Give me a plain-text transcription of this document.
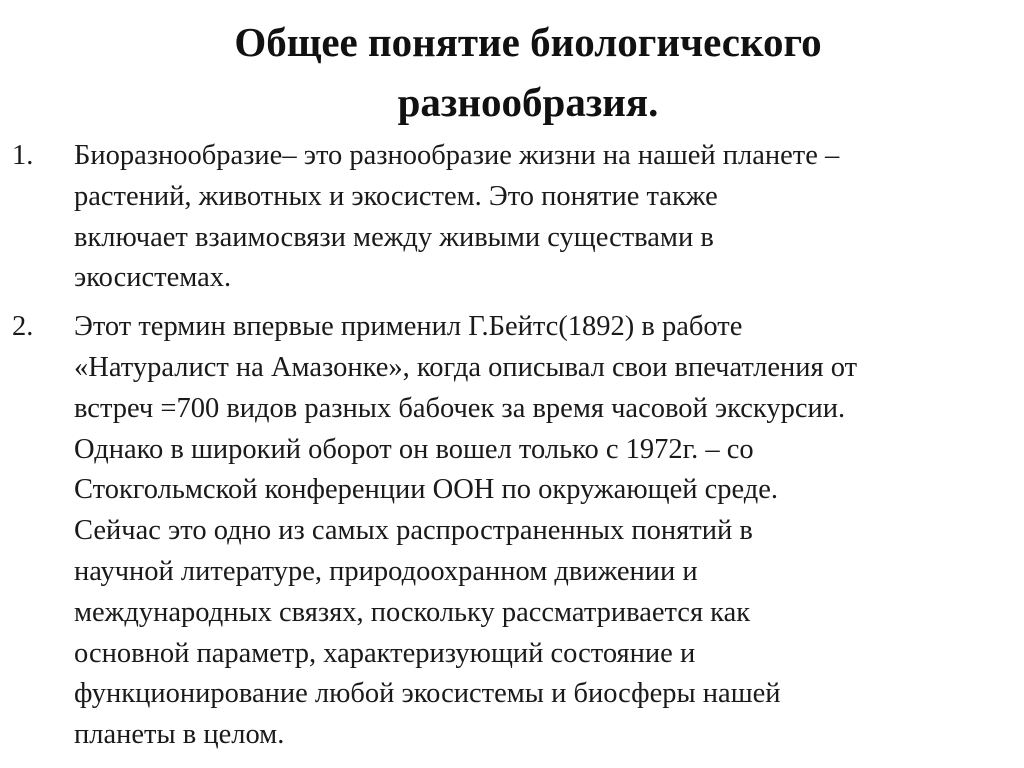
Общее понятие биологического
разнообразия.
1. Биоразнообразие– это разнообразие жизни на нашей планете –
растений, животных и экосистем. Это понятие также
включает взаимосвязи между живыми существами в
экосистемах.
2. Этот термин впервые применил Г.Бейтс(1892) в работе
«Натуралист на Амазонке», когда описывал свои впечатления от
встреч =700 видов разных бабочек за время часовой экскурсии.
Однако в широкий оборот он вошел только с 1972г. – со
Стокгольмской конференции ООН по окружающей среде.
Сейчас это одно из самых распространенных понятий в
научной литературе, природоохранном движении и
международных связях, поскольку рассматривается как
основной параметр, характеризующий состояние и
функционирование любой экосистемы и биосферы нашей
планеты в целом.
